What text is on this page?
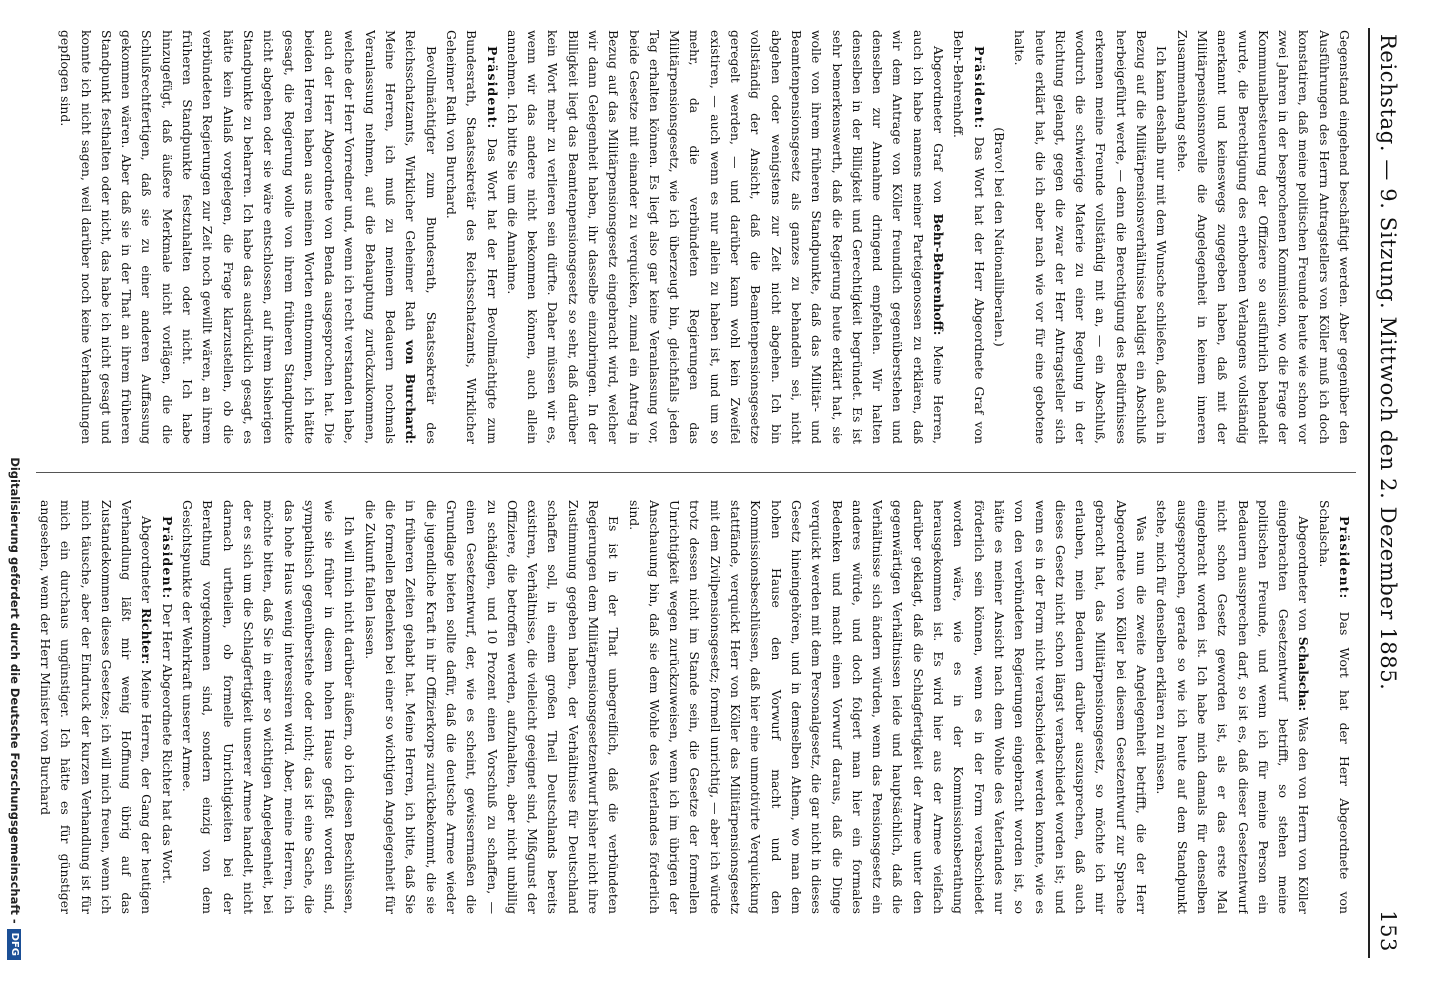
Reichstag. — 9. Sitzung. Mittwoch den 2. Dezember 1885.
153

Gegenstand eingehend beschäftigt werden. Aber gegenüber den Ausführungen des Herrn Antragstellers von Köller muß ich doch konstatiren, daß meine politischen Freunde heute wie schon vor zwei Jahren in der besprochenen Kommission, wo die Frage der Kommunalbesteuerung der Offiziere so ausführlich behandelt wurde, die Berechtigung des erhobenen Verlangens vollständig anerkannt und keineswegs zugegeben haben, daß mit der Militärpensionsnovelle die Angelegenheit in keinem inneren Zusammenhang stehe.

Ich kann deshalb nur mit dem Wunsche schließen, daß auch in Bezug auf die Militärpensionsverhältnisse baldigst ein Abschluß herbeigeführt werde, — denn die Berechtigung des Bedürfnisses erkennen meine Freunde vollständig mit an, — ein Abschluß, wodurch die schwierige Materie zu einer Regelung in der Richtung gelangt, gegen die zwar der Herr Antragsteller sich heute erklärt hat, die ich aber nach wie vor für eine gebotene halte.

(Bravo! bei den Nationalliberalen.)

Präsident: Das Wort hat der Herr Abgeordnete Graf von Behr-Behrenhoff.

Abgeordneter Graf von Behr-Behrenhoff: Meine Herren, auch ich habe namens meiner Parteigenossen zu erklären, daß wir dem Antrage von Köller freundlich gegenüberstehen und denselben zur Annahme dringend empfehlen. Wir halten denselben in der Billigkeit und Gerechtigkeit begründet. Es ist sehr bemerkenswerth, daß die Regierung heute erklärt hat, sie wolle von ihrem früheren Standpunkte, daß das Militär- und Beamtenpensionsgesetz als ganzes zu behandeln sei, nicht abgehen oder wenigstens zur Zeit nicht abgehen. Ich bin vollständig der Ansicht, daß die Beamtenpensionsgesetze geregelt werden, — und darüber kann wohl kein Zweifel existiren, — auch wenn es nur allein zu haben ist, und um so mehr, da die verbündeten Regierungen das Militärpensionsgesetz, wie ich überzeugt bin, gleichfalls jeden Tag erhalten können. Es liegt also gar keine Veranlassung vor, beide Gesetze mit einander zu verquicken, zumal ein Antrag in Bezug auf das Militärpensionsgesetz eingebracht wird, welcher wir dann Gelegenheit haben, ihr dasselbe einzubringen. In der Billigkeit liegt das Beamtenpensionsgesetz so sehr, daß darüber kein Wort mehr zu verlieren sein dürfte. Daher müssen wir es, wenn wir das andere nicht bekommen können, auch allein annehmen. Ich bitte Sie um die Annahme.

Präsident: Das Wort hat der Herr Bevollmächtigte zum Bundesrath, Staatssekretär des Reichsschatzamts, Wirklicher Geheimer Rath von Burchard.

Bevollmächtigter zum Bundesrath, Staatssekretär des Reichsschatzamts, Wirklicher Geheimer Rath von Burchard: Meine Herren, ich muß zu meinem Bedauern nochmals Veranlassung nehmen, auf die Behauptung zurückzukommen, welche der Herr Vorredner und, wenn ich recht verstanden habe, auch der Herr Abgeordnete von Benda ausgesprochen hat. Die beiden Herren haben aus meinen Worten entnommen, ich hätte gesagt, die Regierung wolle von ihrem früheren Standpunkte nicht abgehen oder sie wäre entschlossen, auf ihrem bisherigen Standpunkte zu beharren. Ich habe das ausdrücklich gesagt, es hätte kein Anlaß vorgelegen, die Frage klarzustellen, ob die verbündeten Regierungen zur Zeit noch gewillt wären, an ihrem früheren Standpunkte festzuhalten oder nicht. Ich habe hinzugefügt, daß äußere Merkmale nicht vorlägen, die die Schlußrechtfertigen, daß sie zu einer anderen Auffassung gekommen wären. Aber daß sie in der That an ihrem früheren Standpunkt festhalten oder nicht, das habe ich nicht gesagt und konnte ich nicht sagen, weil darüber noch keine Verhandlungen gepflogen sind.

Präsident: Das Wort hat der Herr Abgeordnete von Schalscha.

Abgeordneter von Schalscha: Was den von Herrn von Köller eingebrachten Gesetzentwurf betrifft, so stehen meine politischen Freunde, und wenn ich für meine Person ein Bedauern aussprechen darf, so ist es, daß dieser Gesetzentwurf nicht schon Gesetz geworden ist, als er das erste Mal eingebracht worden ist. Ich habe mich damals für denselben ausgesprochen, gerade so wie ich heute auf dem Standpunkt stehe, mich für denselben erklären zu müssen.

Was nun die zweite Angelegenheit betrifft, die der Herr Abgeordnete von Köller bei diesem Gesetzentwurf zur Sprache gebracht hat, das Militärpensionsgesetz, so möchte ich mir erlauben, mein Bedauern darüber auszusprechen, daß auch dieses Gesetz nicht schon längst verabschiedet worden ist; und wenn es in der Form nicht verabschiedet werden konnte, wie es von den verbündeten Regierungen eingebracht worden ist, so hätte es meiner Ansicht nach dem Wohle des Vaterlandes nur förderlich sein können, wenn es in der Form verabschiedet worden wäre, wie es in der Kommissionsberathung herausgekommen ist. Es wird hier aus der Armee vielfach darüber geklagt, daß die Schlagfertigkeit der Armee unter den gegenwärtigen Verhältnissen leide und hauptsächlich, daß die Verhältnisse sich ändern würden, wenn das Pensionsgesetz ein anderes würde, und doch folgert man hier ein formales Bedenken und macht einen Vorwurf daraus, daß die Dinge verquickt werden mit dem Personalgesetz, die gar nicht in dieses Gesetz hineingehören, und in demselben Athem, wo man dem hohen Hause den Vorwurf macht und den Kommissionsbeschlüssen, daß hier eine unmotivirte Verquickung stattfände, verquickt Herr von Köller das Militärpensionsgesetz mit dem Zivilpensionsgesetz; formell unrichtig, — aber ich würde trotz dessen nicht im Stande sein, die Gesetze der formellen Unrichtigkeit wegen zurückzuweisen, wenn ich im übrigen der Anschauung bin, daß sie dem Wohle des Vaterlandes förderlich sind.

Es ist in der That unbegreiflich, daß die verbündeten Regierungen dem Militärpensionsgesetzentwurf bisher nicht ihre Zustimmung gegeben haben, der Verhältnisse für Deutschland schaffen soll, in einem großen Theil Deutschlands bereits existiren, Verhältnisse, die vielleicht geeignet sind, Mißgunst der Offiziere, die betroffen werden, aufzuhalten, aber nicht unbillig zu schädigen, und 10 Prozent einen Vorschuß zu schaffen, — einen Gesetzentwurf, der, wie es scheint, gewissermaßen die Grundlage bieten sollte dafür, daß die deutsche Armee wieder die jugendliche Kraft in ihr Offizierkorps zurückbekommt, die sie in früheren Zeiten gehabt hat. Meine Herren, ich bitte, daß Sie die formellen Bedenken bei einer so wichtigen Angelegenheit für die Zukunft fallen lassen.

Ich will mich nicht darüber äußern, ob ich diesen Beschlüssen, wie sie früher in diesem hohen Hause gefaßt worden sind, sympathisch gegenüberstehe oder nicht; das ist eine Sache, die das hohe Haus wenig interessiren wird. Aber, meine Herren, ich möchte bitten, daß Sie in einer so wichtigen Angelegenheit, bei der es sich um die Schlagfertigkeit unserer Armee handelt, nicht darnach urtheilen, ob formelle Unrichtigkeiten bei der Berathung vorgekommen sind, sondern einzig von dem Gesichtspunkte der Wehrkraft unserer Armee.

Präsident: Der Herr Abgeordnete Richter hat das Wort.

Abgeordneter Richter: Meine Herren, der Gang der heutigen Verhandlung läßt mir wenig Hoffnung übrig auf das Zustandekommen dieses Gesetzes; ich will mich freuen, wenn ich mich täusche, aber der Eindruck der kurzen Verhandlung ist für mich ein durchaus ungünstiger. Ich hätte es für günstiger angesehen, wenn der Herr Minister von Burchard

Digitalisierung gefördert durch die Deutsche Forschungsgemeinschaft -DFG
